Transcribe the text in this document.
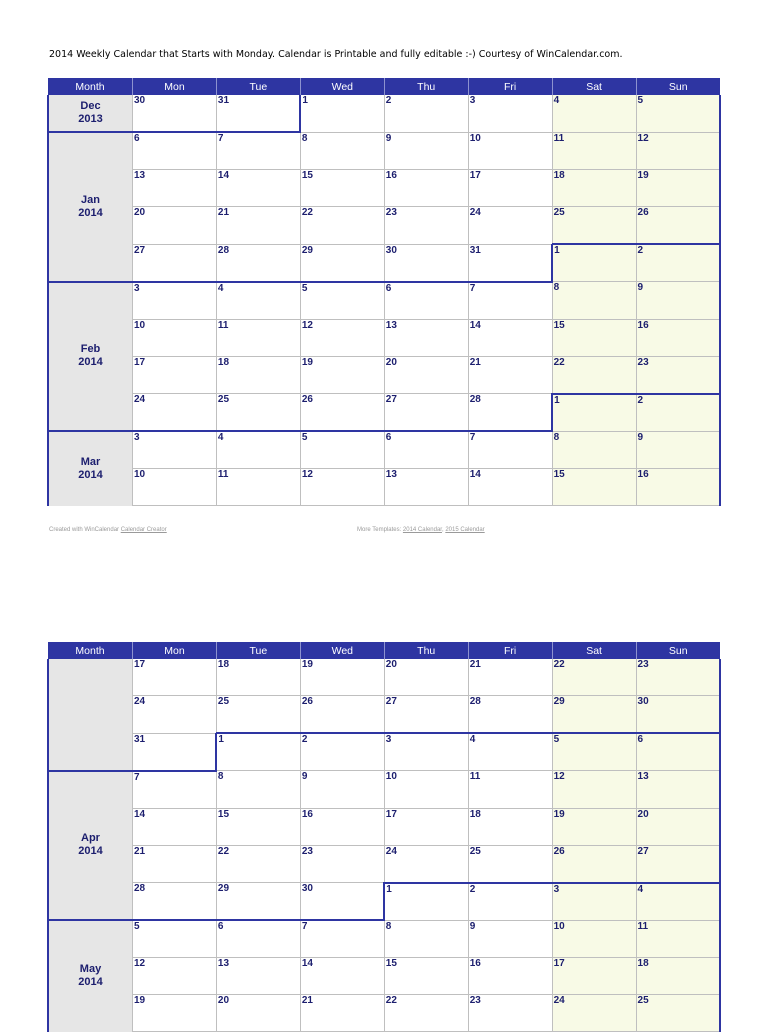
2014 Weekly Calendar that Starts with Monday. Calendar is Printable and fully editable :-) Courtesy of WinCalendar.com.
Month	Mon	Tue	Wed	Thu	Fri	Sat	Sun

Dec
2013	30	31	1	2	3	4	5

Jan
2014	6	7	8	9	10	11	12

	13	14	15	16	17	18	19

	20	21	22	23	24	25	26

	27	28	29	30	31	1	2

Feb
2014	3	4	5	6	7	8	9

	10	11	12	13	14	15	16

	17	18	19	20	21	22	23

	24	25	26	27	28	1	2

Mar
2014	3	4	5	6	7	8	9

	10	11	12	13	14	15	16
Created with WinCalendar Calendar Creator	More Templates: 2014 Calendar, 2015 Calendar
Month	Mon	Tue	Wed	Thu	Fri	Sat	Sun

	17	18	19	20	21	22	23

	24	25	26	27	28	29	30

	31	1	2	3	4	5	6

Apr
2014	7	8	9	10	11	12	13

	14	15	16	17	18	19	20

	21	22	23	24	25	26	27

	28	29	30	1	2	3	4

May
2014	5	6	7	8	9	10	11

	12	13	14	15	16	17	18

	19	20	21	22	23	24	25
